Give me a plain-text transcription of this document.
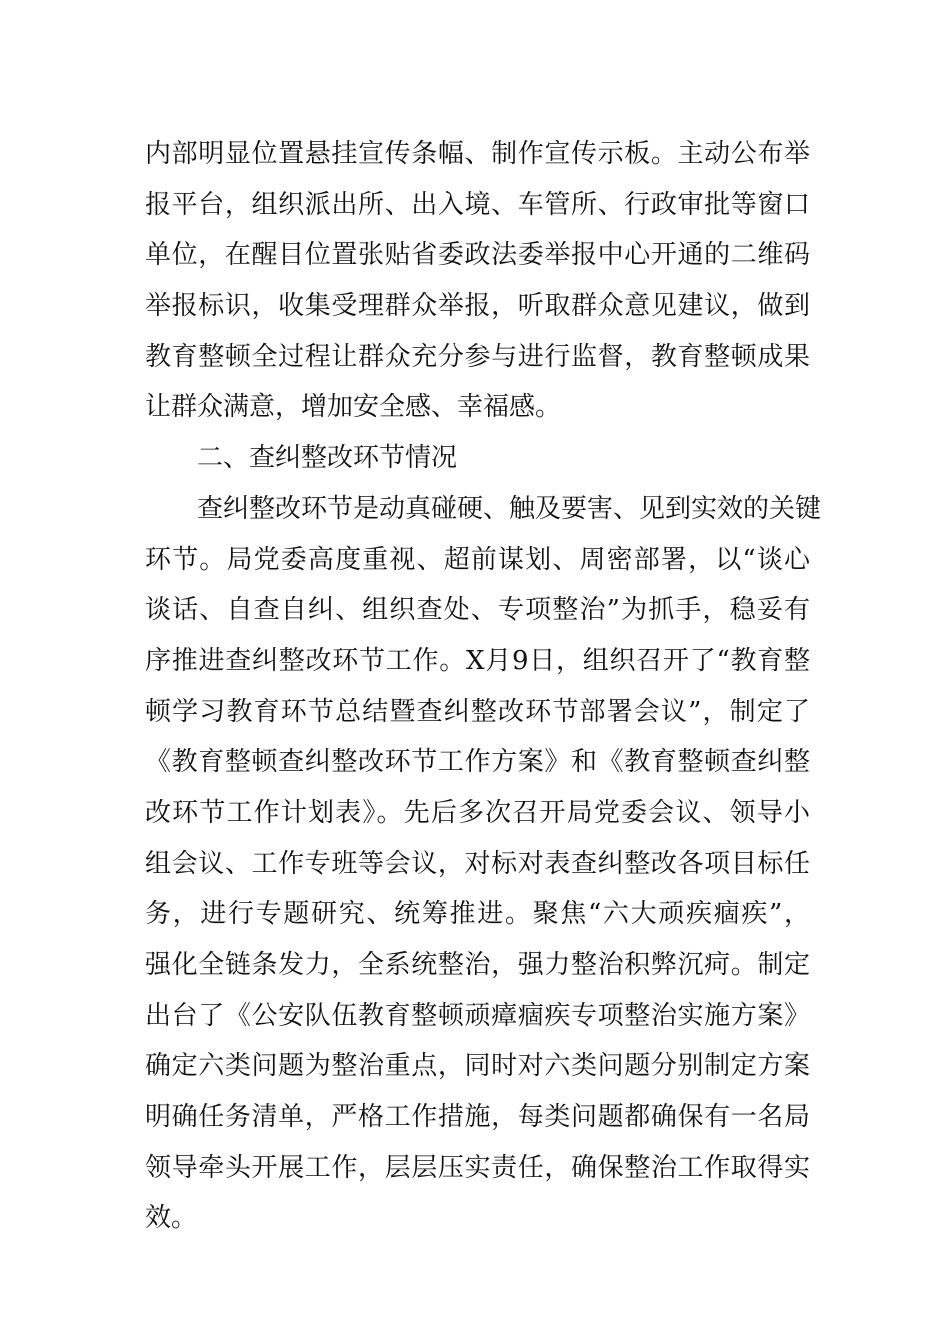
内部明显位置悬挂宣传条幅、制作宣传示板。主动公布举
报平台，组织派出所、出入境、车管所、行政审批等窗口
单位，在醒目位置张贴省委政法委举报中心开通的二维码
举报标识，收集受理群众举报，听取群众意见建议，做到
教育整顿全过程让群众充分参与进行监督，教育整顿成果
让群众满意，增加安全感、幸福感。
二、查纠整改环节情况
查纠整改环节是动真碰硬、触及要害、见到实效的关键
环节。局党委高度重视、超前谋划、周密部署，以“谈心
谈话、自查自纠、组织查处、专项整治”为抓手，稳妥有
序推进查纠整改环节工作。X月9日，组织召开了“教育整
顿学习教育环节总结暨查纠整改环节部署会议”，制定了
《教育整顿查纠整改环节工作方案》和《教育整顿查纠整
改环节工作计划表》。先后多次召开局党委会议、领导小
组会议、工作专班等会议，对标对表查纠整改各项目标任
务，进行专题研究、统筹推进。聚焦“六大顽疾痼疾”，
强化全链条发力，全系统整治，强力整治积弊沉疴。制定
出台了《公安队伍教育整顿顽瘴痼疾专项整治实施方案》
确定六类问题为整治重点，同时对六类问题分别制定方案
明确任务清单，严格工作措施，每类问题都确保有一名局
领导牵头开展工作，层层压实责任，确保整治工作取得实
效。
